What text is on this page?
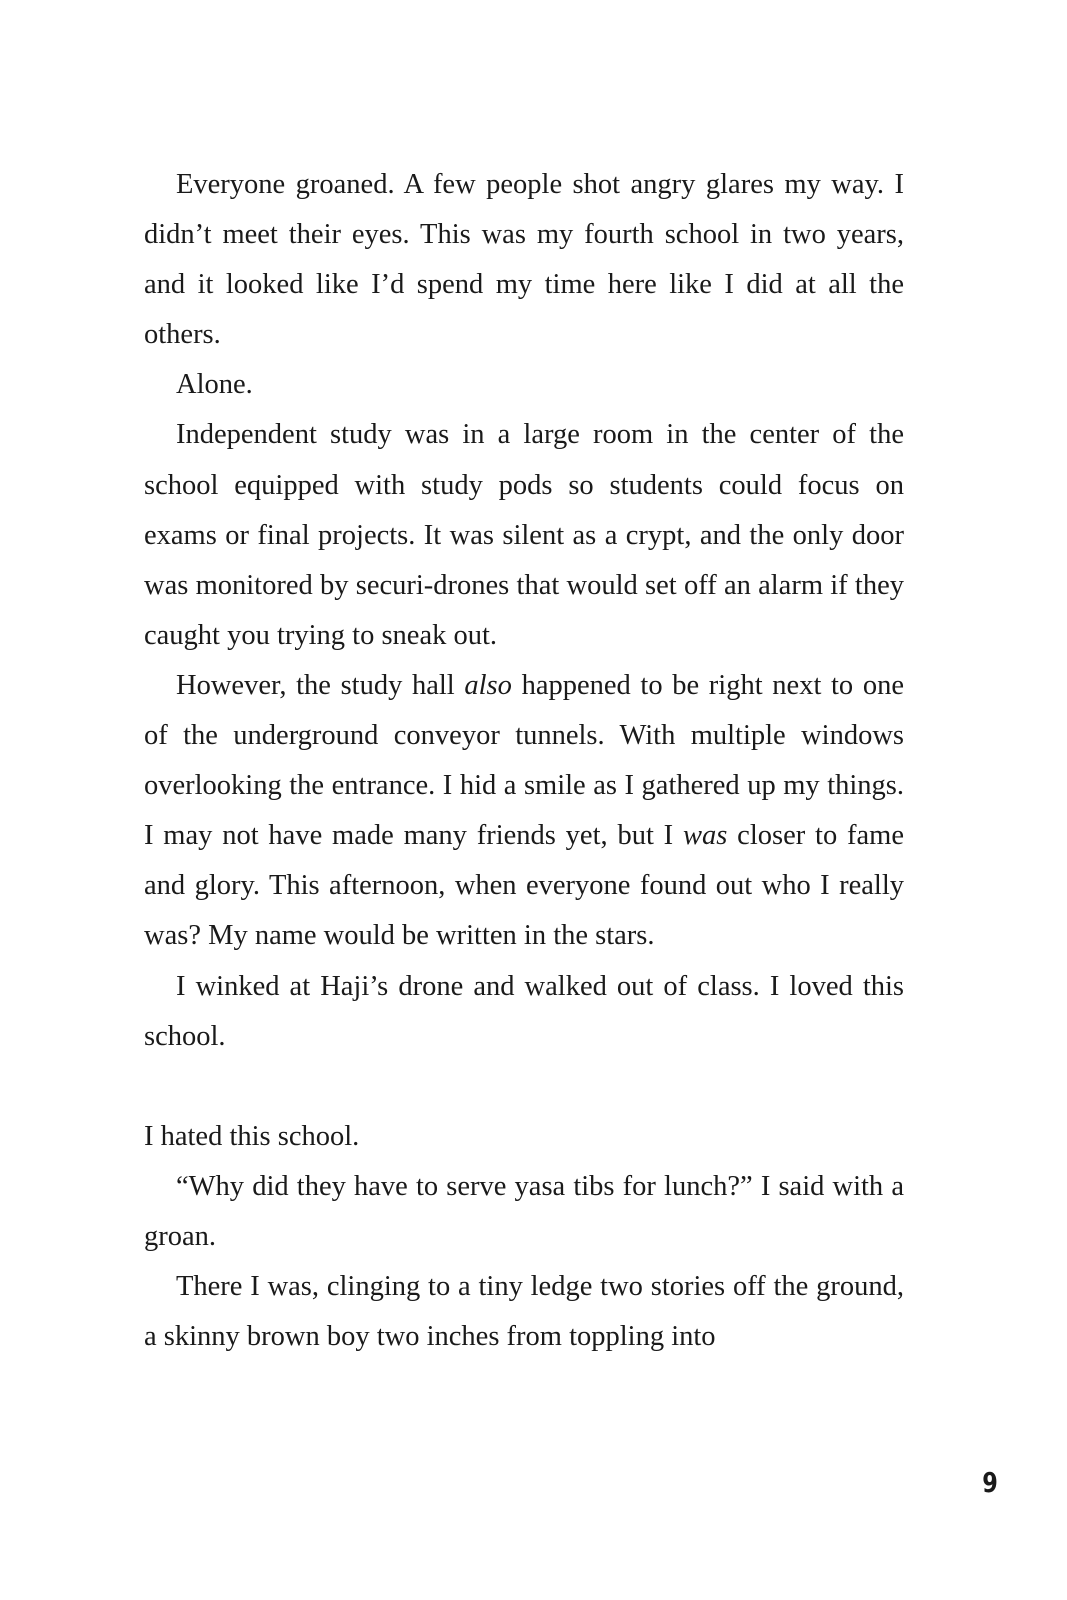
Everyone groaned. A few people shot angry glares my way. I didn’t meet their eyes. This was my fourth school in two years, and it looked like I’d spend my time here like I did at all the others.

Alone.

Independent study was in a large room in the center of the school equipped with study pods so students could focus on exams or final projects. It was silent as a crypt, and the only door was monitored by securi-drones that would set off an alarm if they caught you trying to sneak out.

However, the study hall also happened to be right next to one of the underground conveyor tunnels. With multiple windows overlooking the entrance. I hid a smile as I gathered up my things. I may not have made many friends yet, but I was closer to fame and glory. This afternoon, when everyone found out who I really was? My name would be written in the stars.

I winked at Haji’s drone and walked out of class. I loved this school.

I hated this school.

“Why did they have to serve yasa tibs for lunch?” I said with a groan.

There I was, clinging to a tiny ledge two stories off the ground, a skinny brown boy two inches from toppling into

9
